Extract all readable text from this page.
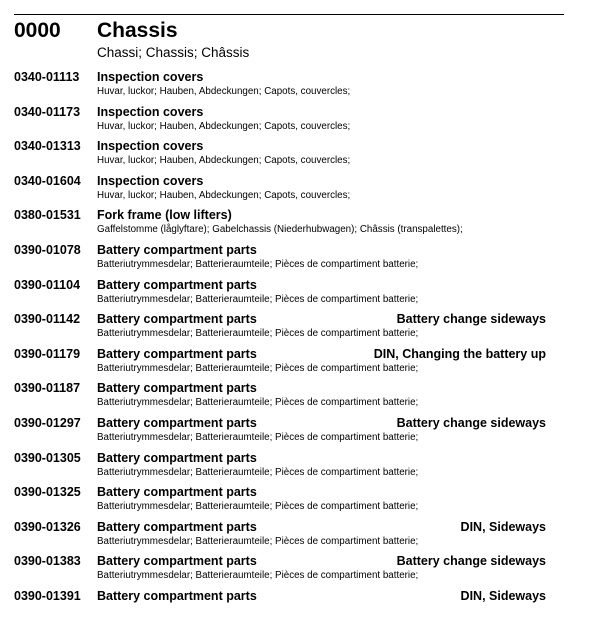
0000 Chassis
Chassi; Chassis; Châssis
0340-01113 Inspection covers
Huvar, luckor; Hauben, Abdeckungen; Capots, couvercles;
0340-01173 Inspection covers
Huvar, luckor; Hauben, Abdeckungen; Capots, couvercles;
0340-01313 Inspection covers
Huvar, luckor; Hauben, Abdeckungen; Capots, couvercles;
0340-01604 Inspection covers
Huvar, luckor; Hauben, Abdeckungen; Capots, couvercles;
0380-01531 Fork frame (low lifters)
Gaffelstomme (låglyftare); Gabelchassis (Niederhubwagen); Châssis (transpalettes);
0390-01078 Battery compartment parts
Batteriutrymmesdelar; Batterieraumteile; Pièces de compartiment batterie;
0390-01104 Battery compartment parts
Batteriutrymmesdelar; Batterieraumteile; Pièces de compartiment batterie;
0390-01142 Battery compartment parts	Battery change sideways
Batteriutrymmesdelar; Batterieraumteile; Pièces de compartiment batterie;
0390-01179 Battery compartment parts	DIN, Changing the battery up
Batteriutrymmesdelar; Batterieraumteile; Pièces de compartiment batterie;
0390-01187 Battery compartment parts
Batteriutrymmesdelar; Batterieraumteile; Pièces de compartiment batterie;
0390-01297 Battery compartment parts	Battery change sideways
Batteriutrymmesdelar; Batterieraumteile; Pièces de compartiment batterie;
0390-01305 Battery compartment parts
Batteriutrymmesdelar; Batterieraumteile; Pièces de compartiment batterie;
0390-01325 Battery compartment parts
Batteriutrymmesdelar; Batterieraumteile; Pièces de compartiment batterie;
0390-01326 Battery compartment parts	DIN, Sideways
Batteriutrymmesdelar; Batterieraumteile; Pièces de compartiment batterie;
0390-01383 Battery compartment parts	Battery change sideways
Batteriutrymmesdelar; Batterieraumteile; Pièces de compartiment batterie;
0390-01391 Battery compartment parts	DIN, Sideways
